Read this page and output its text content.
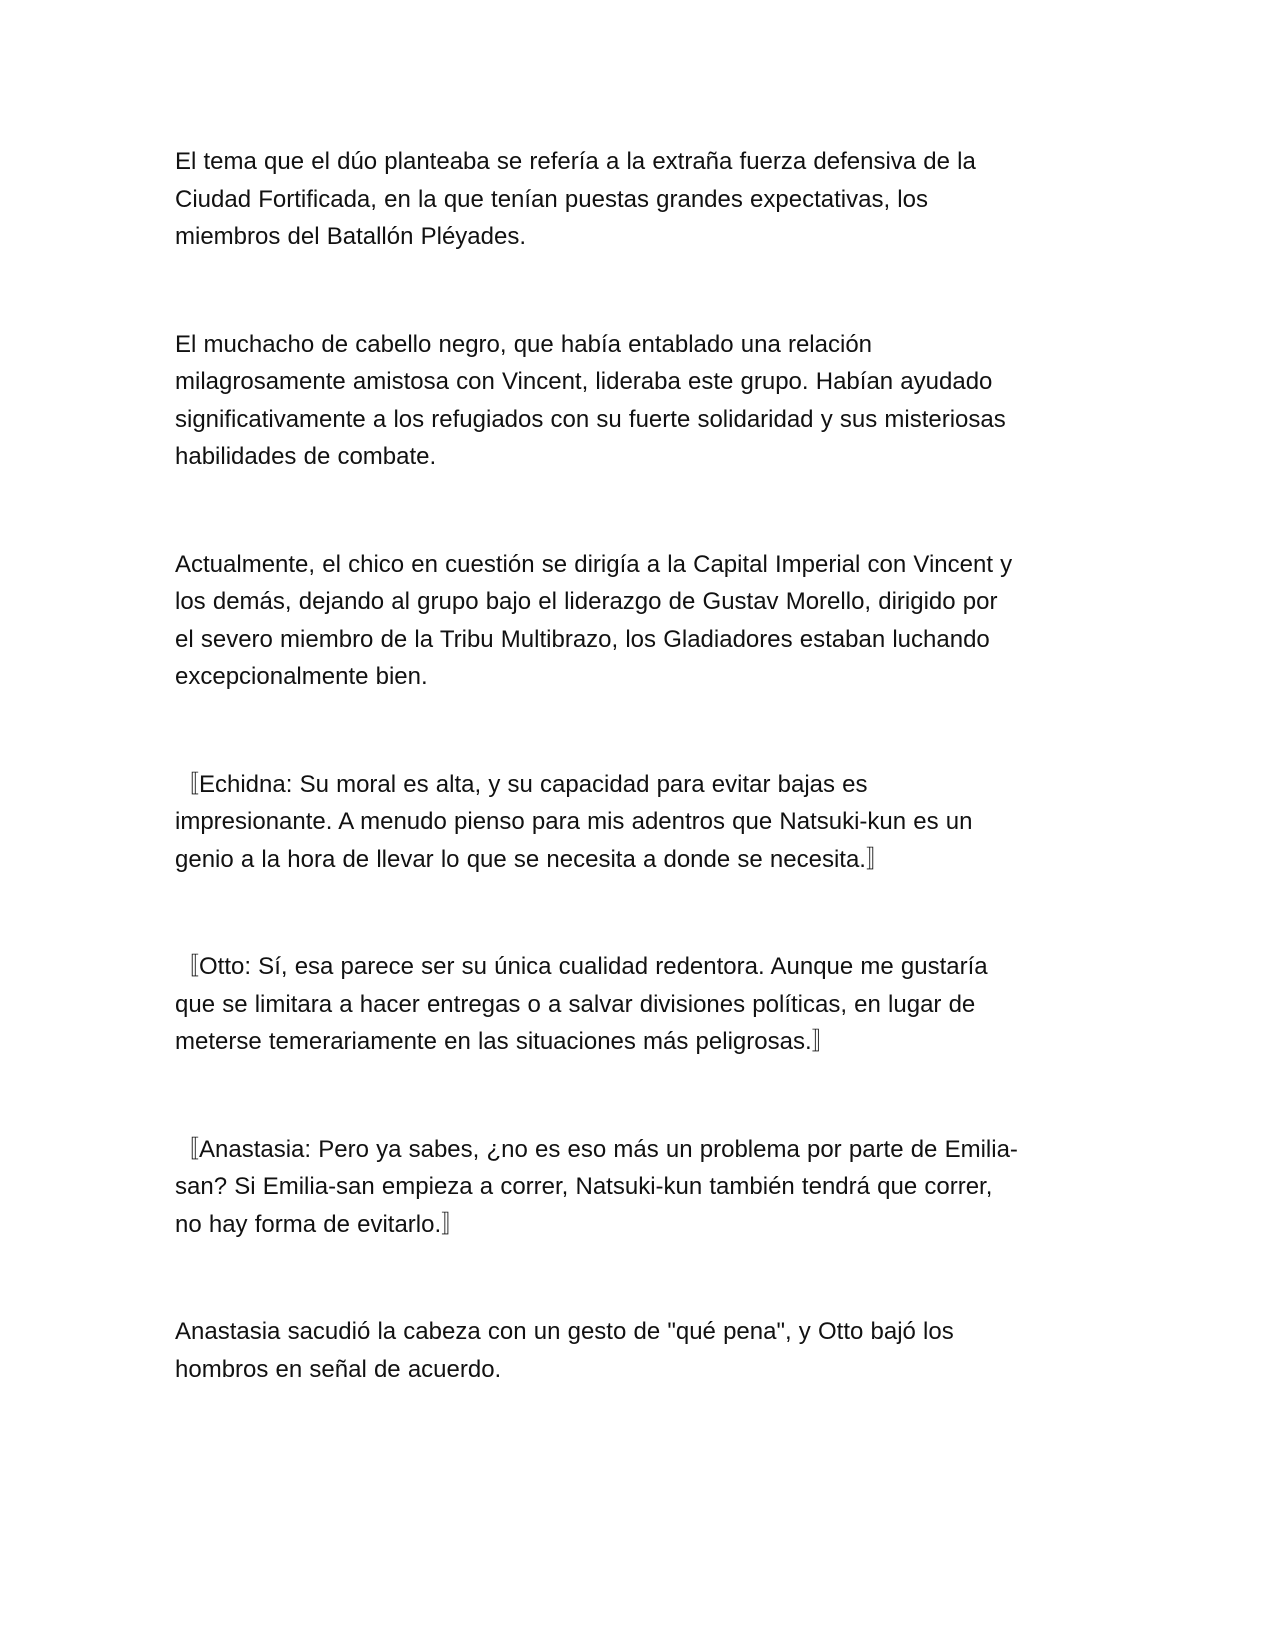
El tema que el dúo planteaba se refería a la extraña fuerza defensiva de la
Ciudad Fortificada, en la que tenían puestas grandes expectativas, los
miembros del Batallón Pléyades.

El muchacho de cabello negro, que había entablado una relación
milagrosamente amistosa con Vincent, lideraba este grupo. Habían ayudado
significativamente a los refugiados con su fuerte solidaridad y sus misteriosas
habilidades de combate.

Actualmente, el chico en cuestión se dirigía a la Capital Imperial con Vincent y
los demás, dejando al grupo bajo el liderazgo de Gustav Morello, dirigido por
el severo miembro de la Tribu Multibrazo, los Gladiadores estaban luchando
excepcionalmente bien.

〚Echidna: Su moral es alta, y su capacidad para evitar bajas es
impresionante. A menudo pienso para mis adentros que Natsuki-kun es un
genio a la hora de llevar lo que se necesita a donde se necesita.〛

〚Otto: Sí, esa parece ser su única cualidad redentora. Aunque me gustaría
que se limitara a hacer entregas o a salvar divisiones políticas, en lugar de
meterse temerariamente en las situaciones más peligrosas.〛

〚Anastasia: Pero ya sabes, ¿no es eso más un problema por parte de Emilia-
san? Si Emilia-san empieza a correr, Natsuki-kun también tendrá que correr,
no hay forma de evitarlo.〛

Anastasia sacudió la cabeza con un gesto de "qué pena", y Otto bajó los
hombros en señal de acuerdo.
